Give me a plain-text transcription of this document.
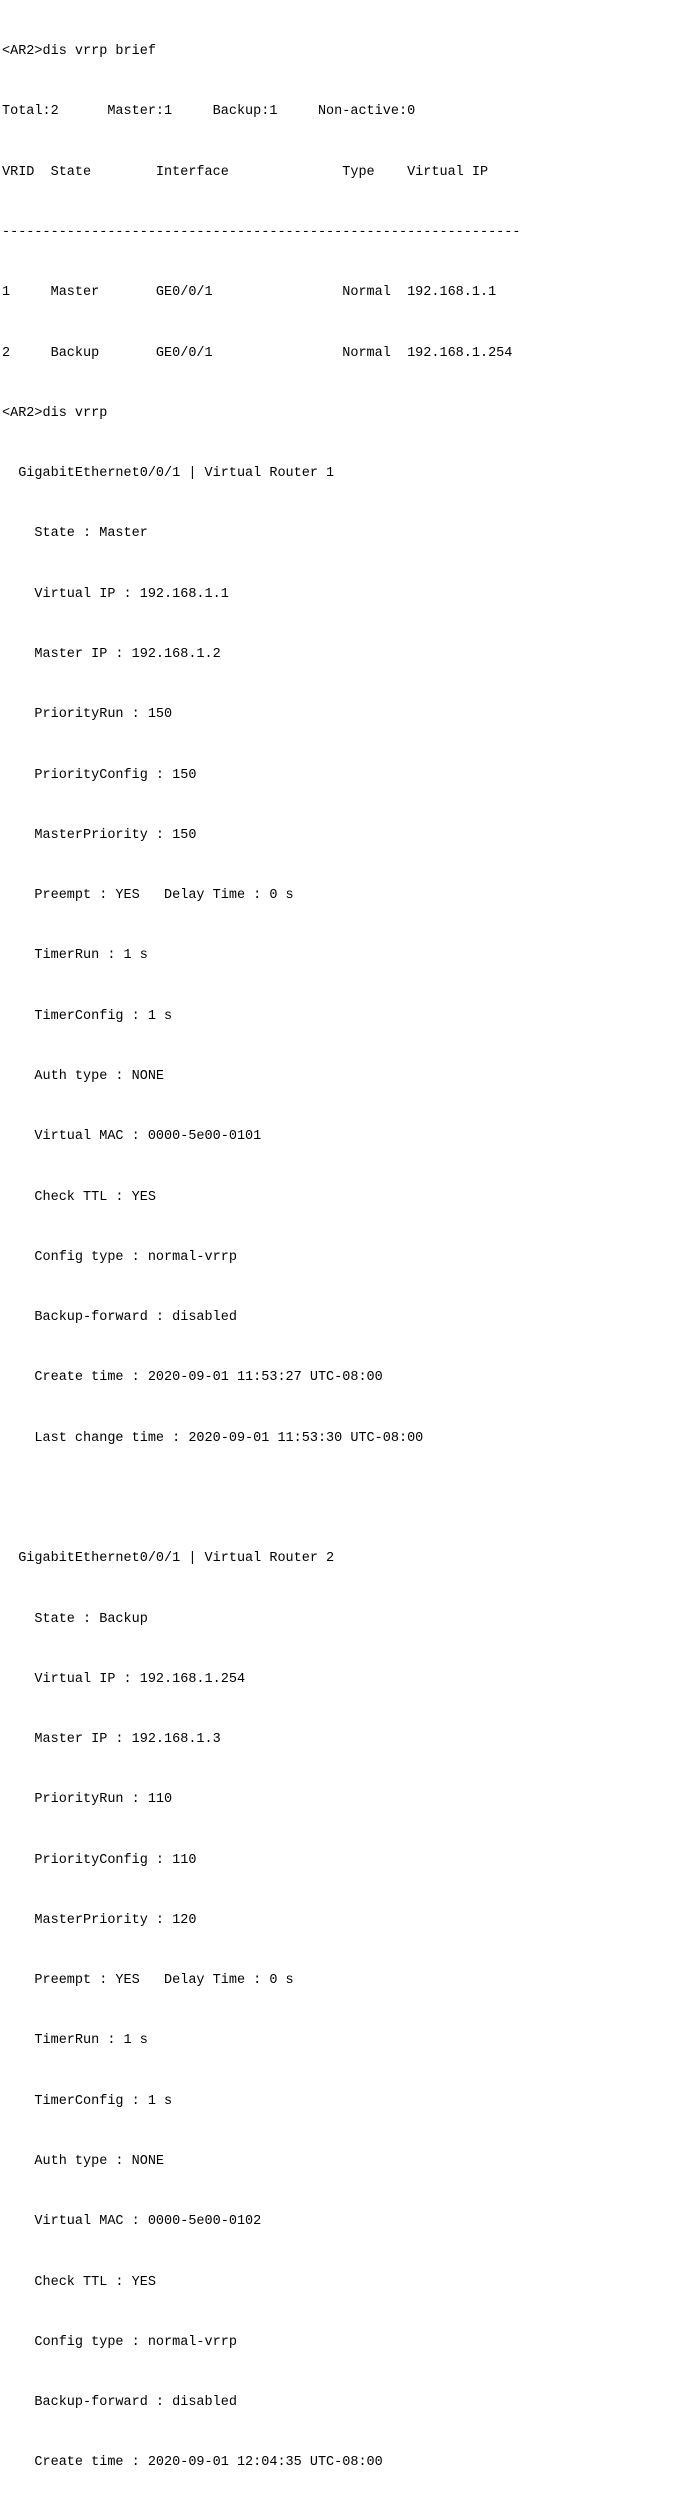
<AR2>dis vrrp brief

Total:2      Master:1     Backup:1     Non-active:0

VRID  State        Interface              Type    Virtual IP

----------------------------------------------------------------

1     Master       GE0/0/1                Normal  192.168.1.1

2     Backup       GE0/0/1                Normal  192.168.1.254

<AR2>dis vrrp

GigabitEthernet0/0/1 | Virtual Router 1

State : Master

Virtual IP : 192.168.1.1

Master IP : 192.168.1.2

PriorityRun : 150

PriorityConfig : 150

MasterPriority : 150

Preempt : YES   Delay Time : 0 s

TimerRun : 1 s

TimerConfig : 1 s

Auth type : NONE

Virtual MAC : 0000-5e00-0101

Check TTL : YES

Config type : normal-vrrp

Backup-forward : disabled

Create time : 2020-09-01 11:53:27 UTC-08:00

Last change time : 2020-09-01 11:53:30 UTC-08:00

GigabitEthernet0/0/1 | Virtual Router 2

State : Backup

Virtual IP : 192.168.1.254

Master IP : 192.168.1.3

PriorityRun : 110

PriorityConfig : 110

MasterPriority : 120

Preempt : YES   Delay Time : 0 s

TimerRun : 1 s

TimerConfig : 1 s

Auth type : NONE

Virtual MAC : 0000-5e00-0102

Check TTL : YES

Config type : normal-vrrp

Backup-forward : disabled

Create time : 2020-09-01 12:04:35 UTC-08:00
